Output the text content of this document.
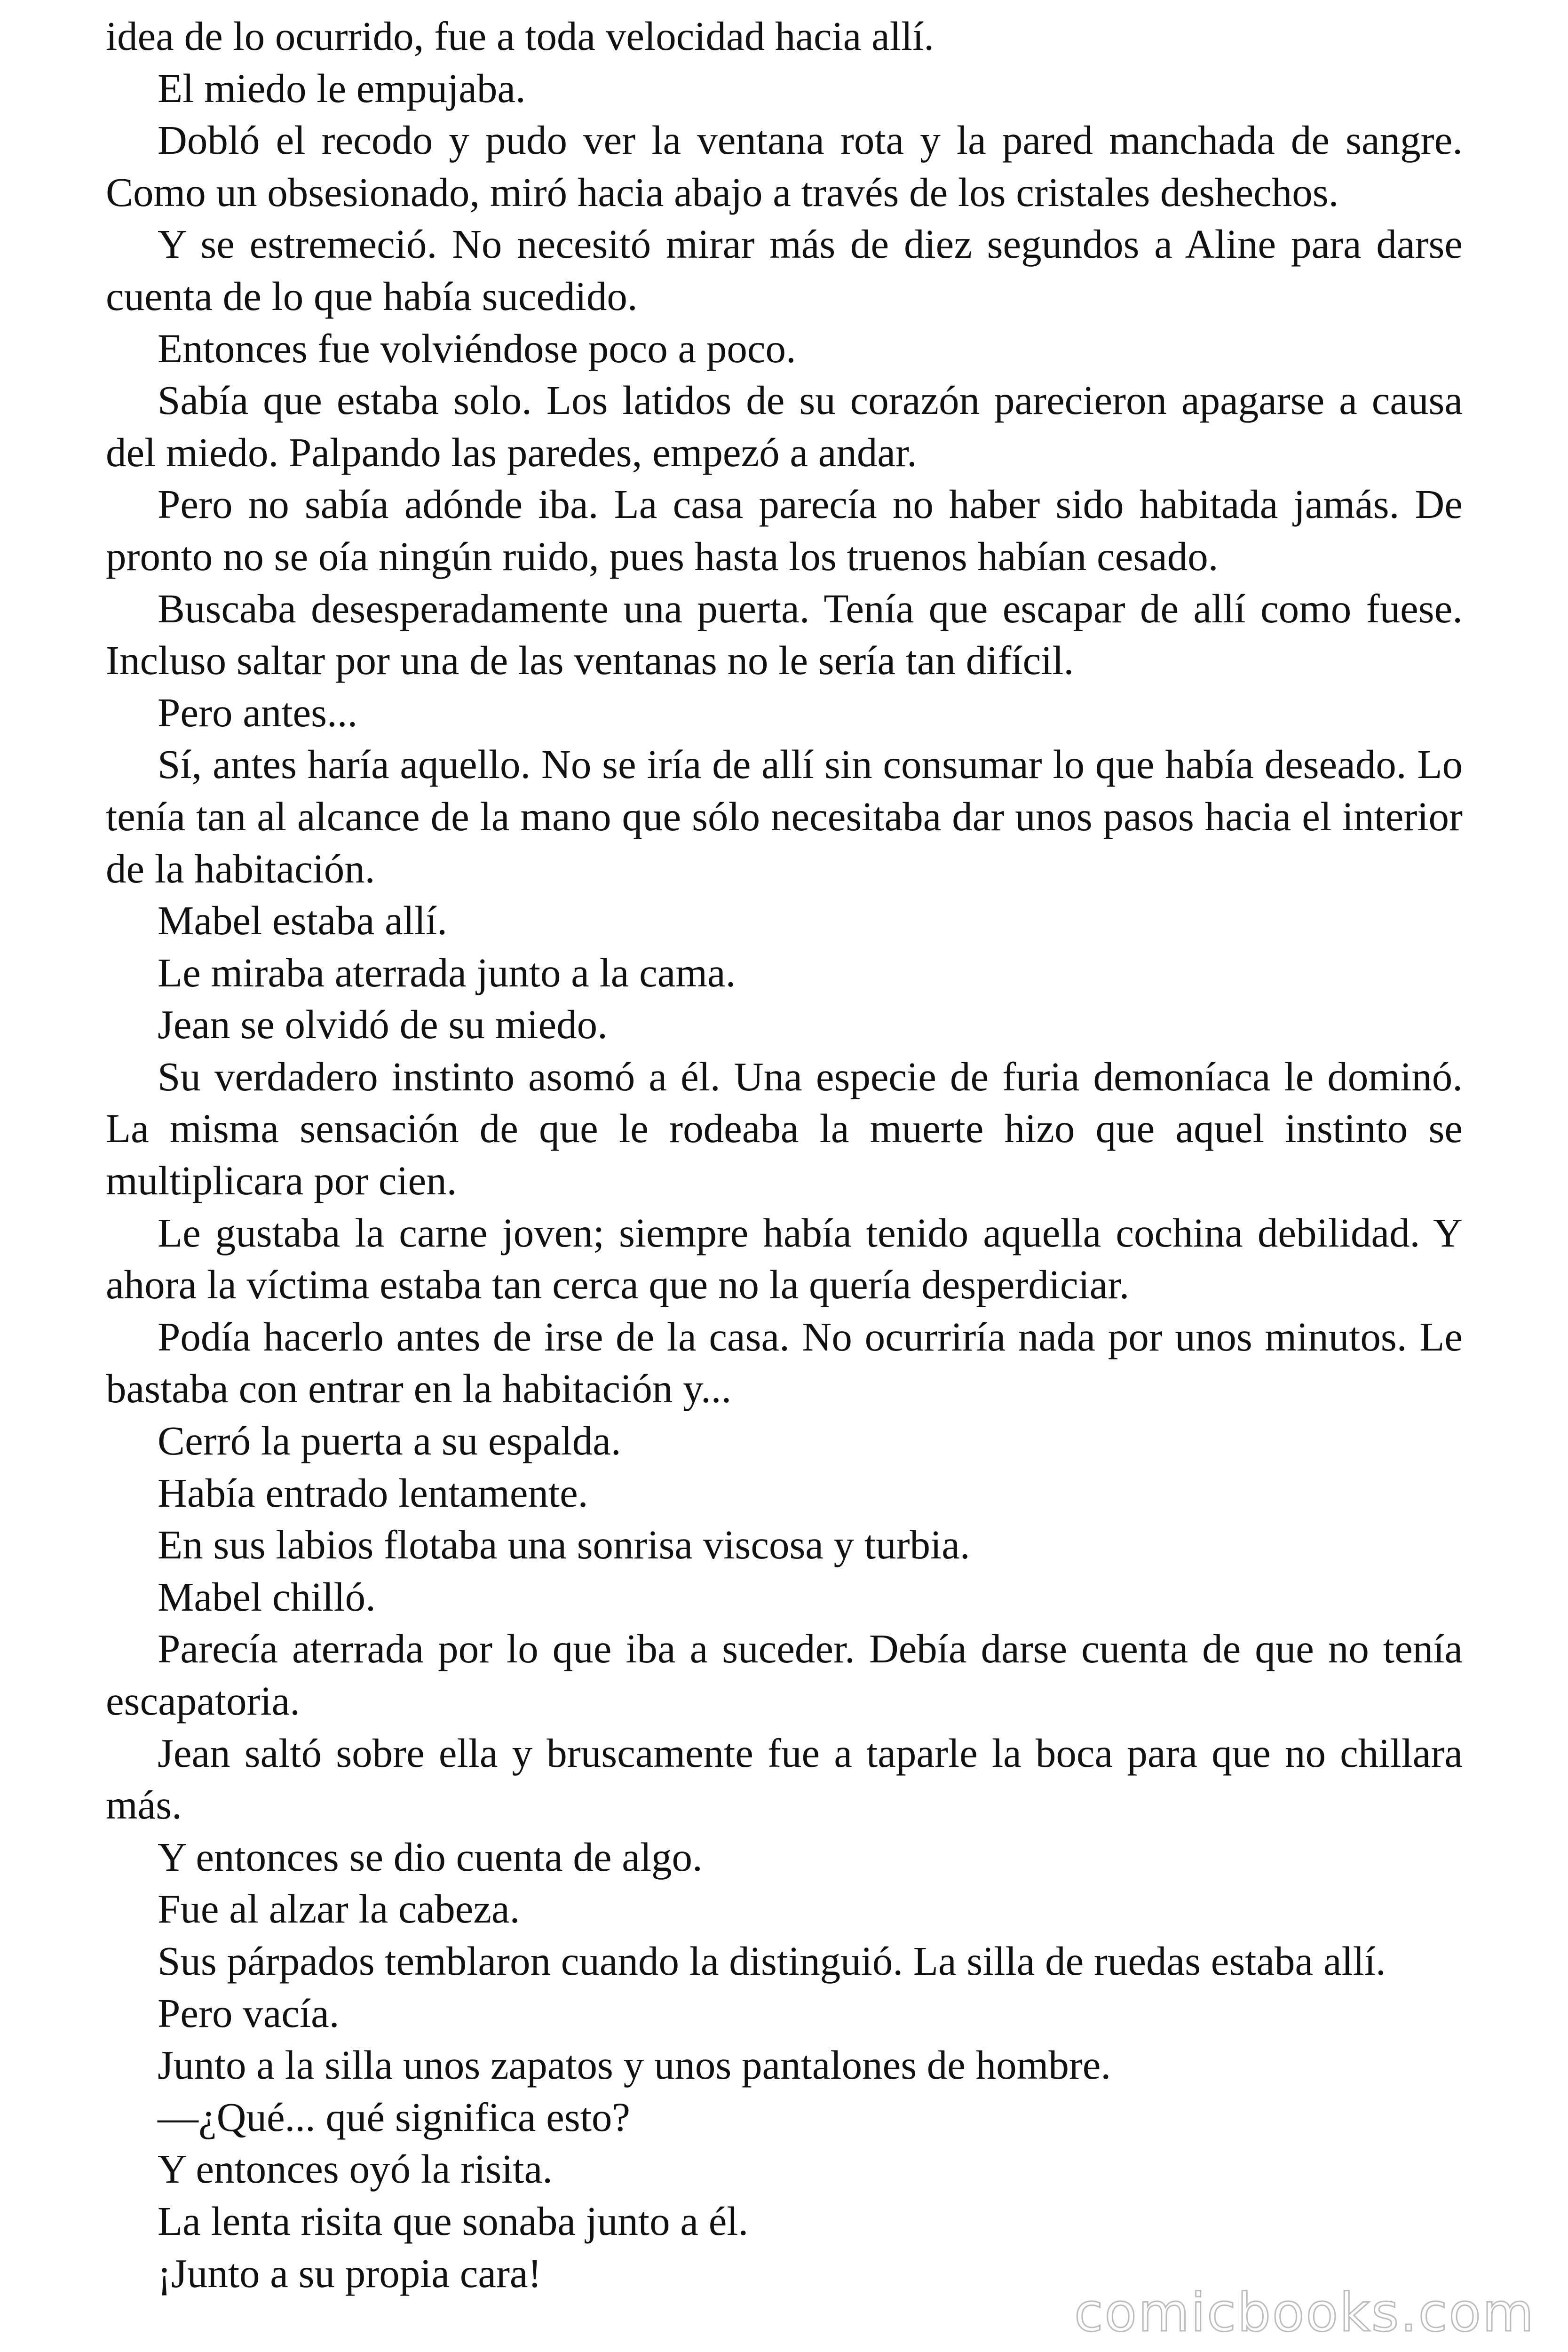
idea de lo ocurrido, fue a toda velocidad hacia allí.

El miedo le empujaba.

Dobló el recodo y pudo ver la ventana rota y la pared manchada de sangre. Como un obsesionado, miró hacia abajo a través de los cristales deshechos.

Y se estremeció. No necesitó mirar más de diez segundos a Aline para darse cuenta de lo que había sucedido.

Entonces fue volviéndose poco a poco.

Sabía que estaba solo. Los latidos de su corazón parecieron apagarse a causa del miedo. Palpando las paredes, empezó a andar.

Pero no sabía adónde iba. La casa parecía no haber sido habitada jamás. De pronto no se oía ningún ruido, pues hasta los truenos habían cesado.

Buscaba desesperadamente una puerta. Tenía que escapar de allí como fuese. Incluso saltar por una de las ventanas no le sería tan difícil.

Pero antes...

Sí, antes haría aquello. No se iría de allí sin consumar lo que había deseado. Lo tenía tan al alcance de la mano que sólo necesitaba dar unos pasos hacia el interior de la habitación.

Mabel estaba allí.

Le miraba aterrada junto a la cama.

Jean se olvidó de su miedo.

Su verdadero instinto asomó a él. Una especie de furia demoníaca le dominó. La misma sensación de que le rodeaba la muerte hizo que aquel instinto se multiplicara por cien.

Le gustaba la carne joven; siempre había tenido aquella cochina debilidad. Y ahora la víctima estaba tan cerca que no la quería desperdiciar.

Podía hacerlo antes de irse de la casa. No ocurriría nada por unos minutos. Le bastaba con entrar en la habitación y...

Cerró la puerta a su espalda.

Había entrado lentamente.

En sus labios flotaba una sonrisa viscosa y turbia.

Mabel chilló.

Parecía aterrada por lo que iba a suceder. Debía darse cuenta de que no tenía escapatoria.

Jean saltó sobre ella y bruscamente fue a taparle la boca para que no chillara más.

Y entonces se dio cuenta de algo.

Fue al alzar la cabeza.

Sus párpados temblaron cuando la distinguió. La silla de ruedas estaba allí.

Pero vacía.

Junto a la silla unos zapatos y unos pantalones de hombre.

—¿Qué... qué significa esto?

Y entonces oyó la risita.

La lenta risita que sonaba junto a él.

¡Junto a su propia cara!

comicbooks.com
